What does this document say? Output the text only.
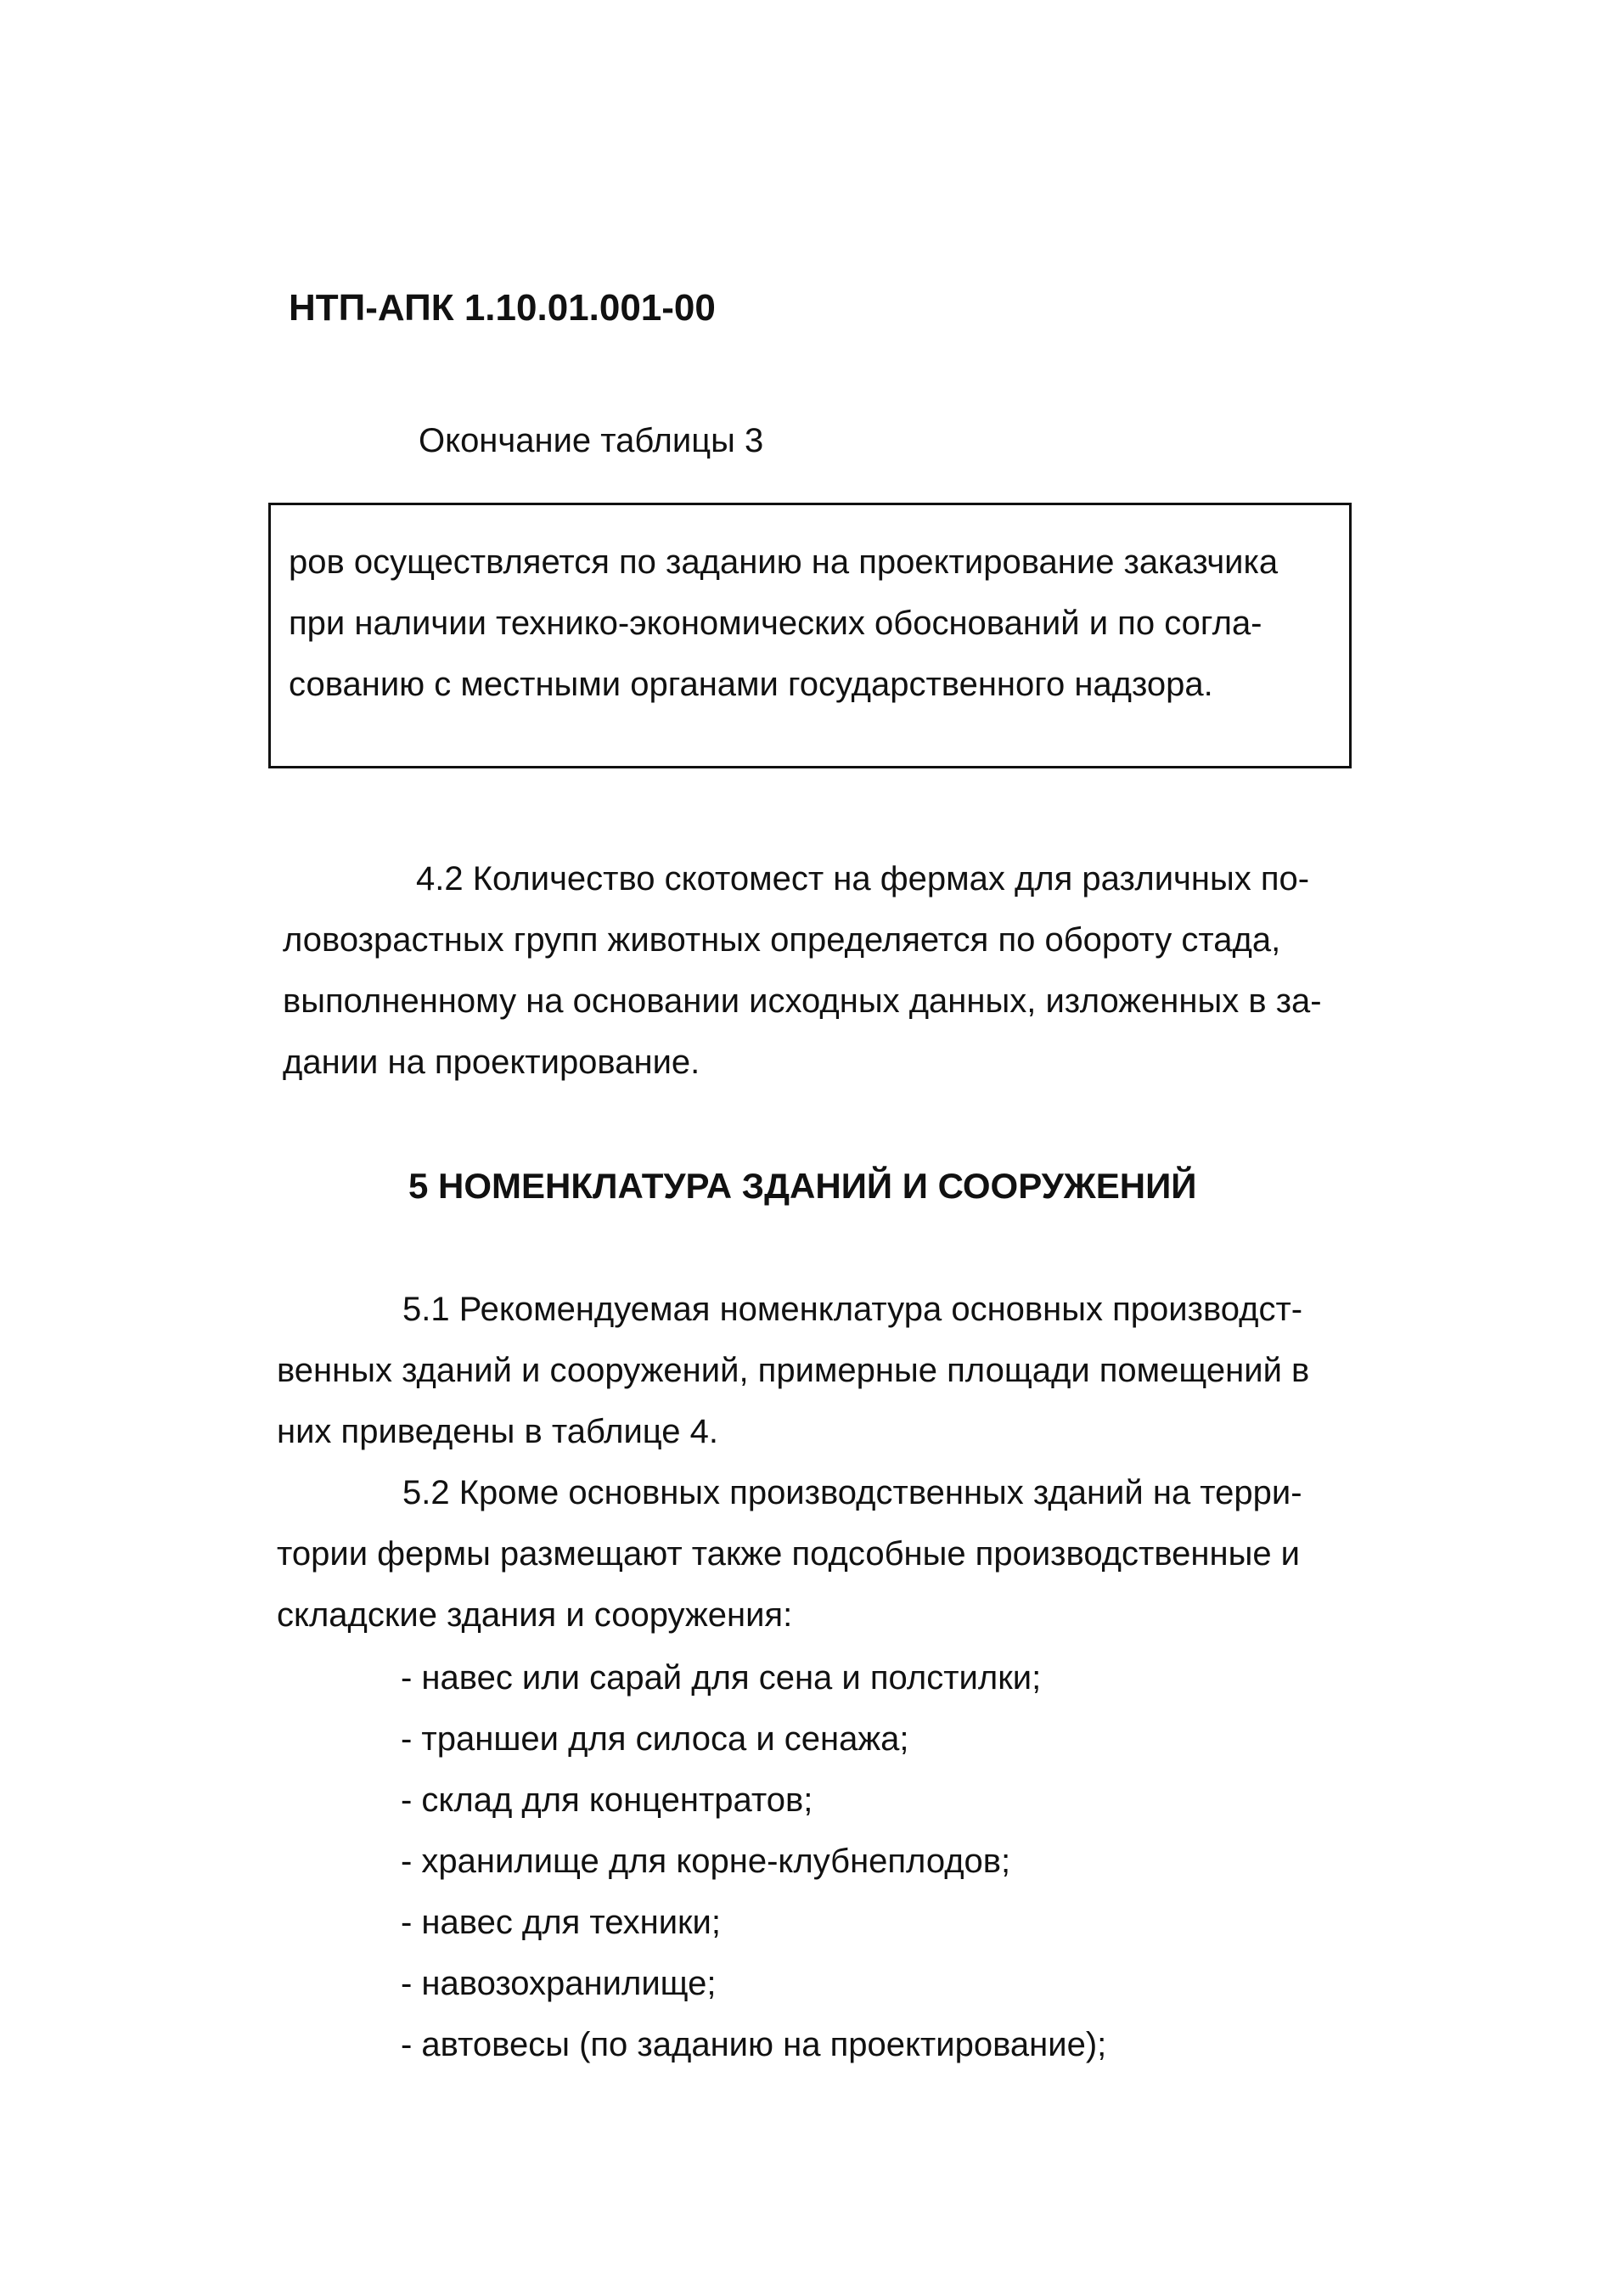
НТП-АПК 1.10.01.001-00
Окончание таблицы 3
ров осуществляется по заданию на проектирование заказчика
при наличии технико-экономических обоснований и по согла-
сованию с местными органами государственного надзора.
4.2 Количество скотомест на фермах для различных по-
ловозрастных групп животных определяется по обороту стада,
выполненному на основании исходных данных, изложенных в за-
дании на проектирование.
5 НОМЕНКЛАТУРА ЗДАНИЙ И СООРУЖЕНИЙ
5.1 Рекомендуемая номенклатура основных производст-
венных зданий и сооружений, примерные площади помещений в
них приведены в таблице 4.
5.2 Кроме основных производственных зданий на терри-
тории фермы размещают также подсобные производственные и
складские здания и сооружения:
- навес или сарай для сена и полстилки;
- траншеи для силоса и сенажа;
- склад для концентратов;
- хранилище для корне-клубнеплодов;
- навес для техники;
- навозохранилище;
- автовесы (по заданию на проектирование);
